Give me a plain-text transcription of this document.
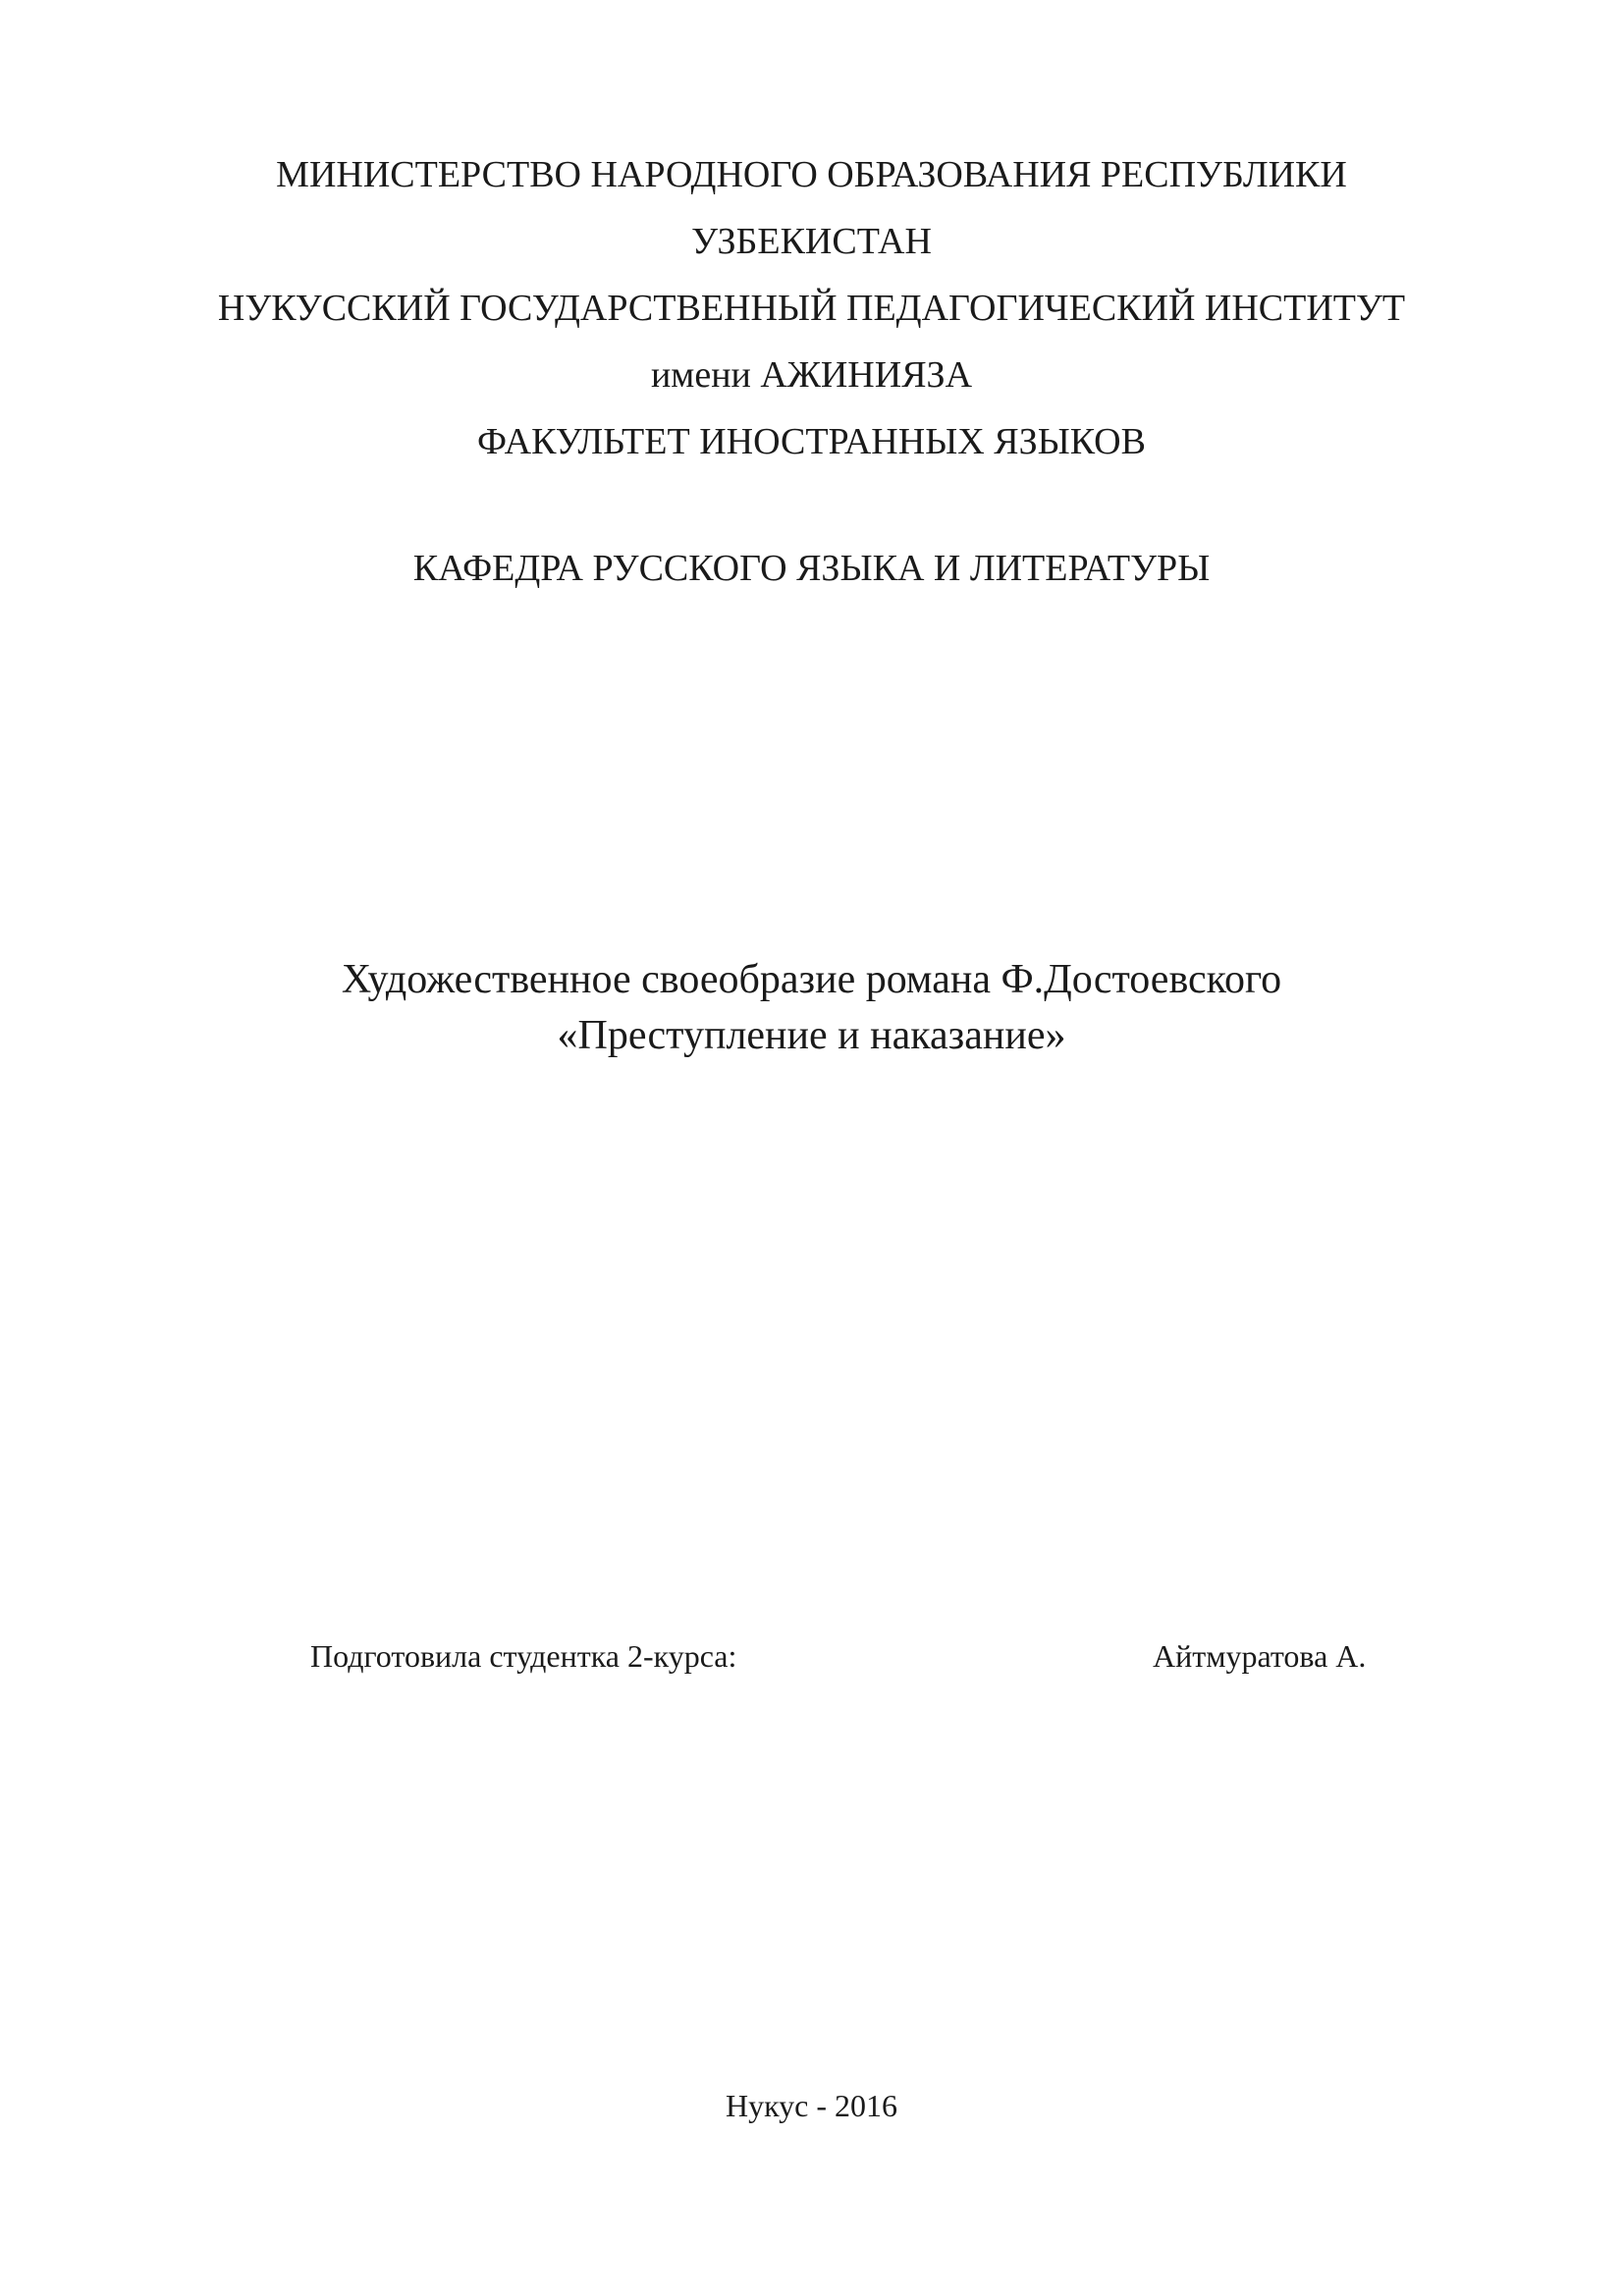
МИНИСТЕРСТВО НАРОДНОГО ОБРАЗОВАНИЯ РЕСПУБЛИКИ
УЗБЕКИСТАН
НУКУССКИЙ ГОСУДАРСТВЕННЫЙ ПЕДАГОГИЧЕСКИЙ ИНСТИТУТ
имени АЖИНИЯЗА
ФАКУЛЬТЕТ ИНОСТРАННЫХ ЯЗЫКОВ
КАФЕДРА РУССКОГО ЯЗЫКА И ЛИТЕРАТУРЫ
Художественное своеобразие романа Ф.Достоевского
«Преступление и наказание»
Подготовила студентка 2-курса:	Айтмуратова А.
Нукус - 2016
